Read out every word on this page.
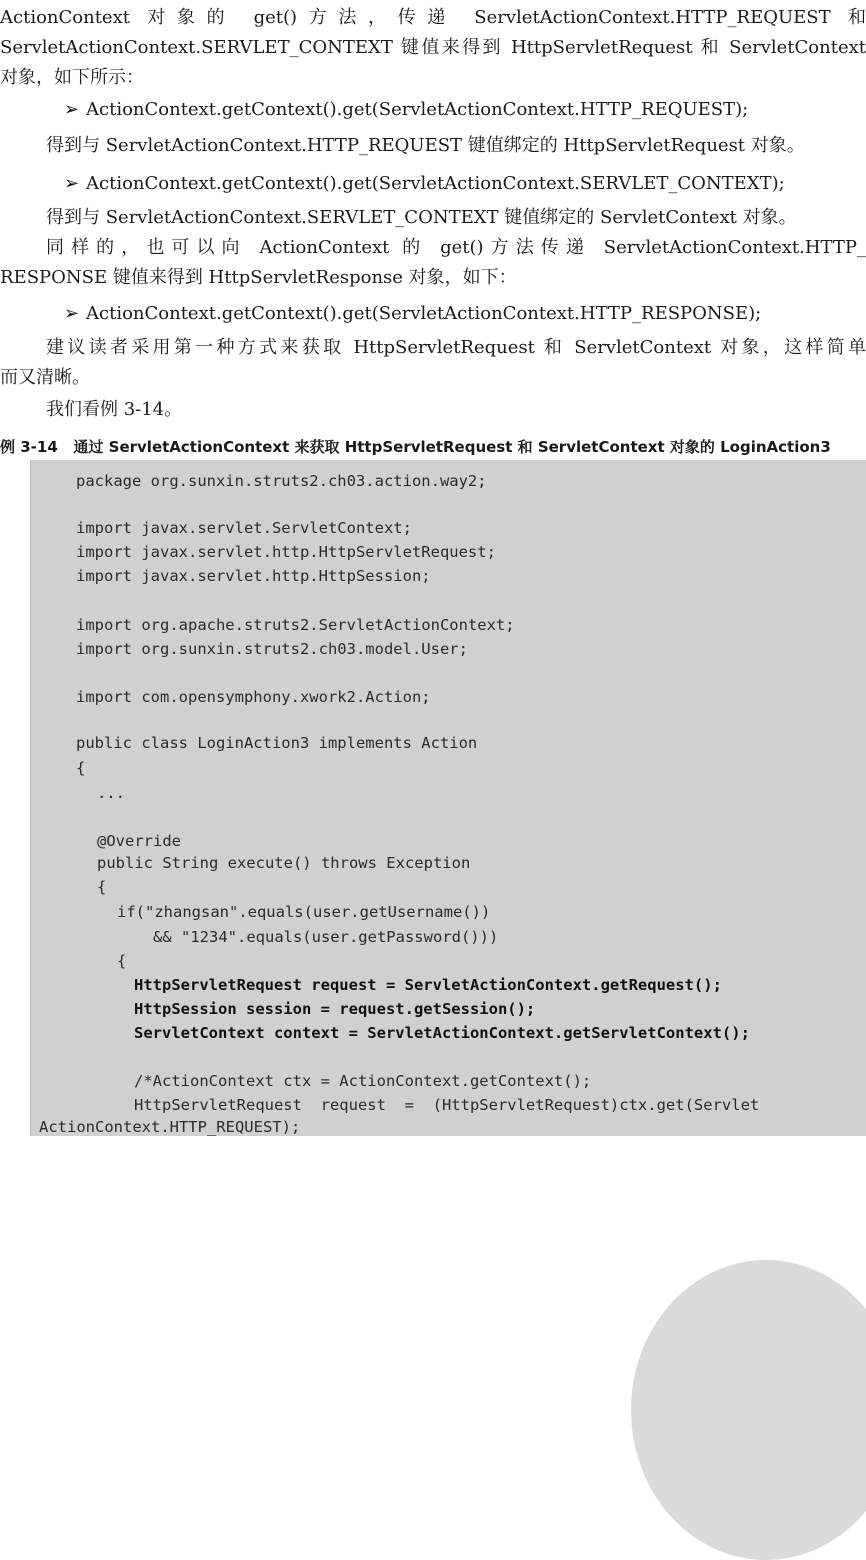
ActionContext 对象的 get()方法，传递 ServletActionContext.HTTP_REQUEST 和
ServletActionContext.SERVLET_CONTEXT 键值来得到 HttpServletRequest 和 ServletContext
对象，如下所示：
➢ ActionContext.getContext().get(ServletActionContext.HTTP_REQUEST);
得到与 ServletActionContext.HTTP_REQUEST 键值绑定的 HttpServletRequest 对象。
➢ ActionContext.getContext().get(ServletActionContext.SERVLET_CONTEXT);
得到与 ServletActionContext.SERVLET_CONTEXT 键值绑定的 ServletContext 对象。
同样的，也可以向 ActionContext 的 get()方法传递 ServletActionContext.HTTP_
RESPONSE 键值来得到 HttpServletResponse 对象，如下：
➢ ActionContext.getContext().get(ServletActionContext.HTTP_RESPONSE);
建议读者采用第一种方式来获取 HttpServletRequest 和 ServletContext 对象，这样简单
而又清晰。
我们看例 3-14。
例 3-14   通过 ServletActionContext 来获取 HttpServletRequest 和 ServletContext 对象的 LoginAction3
package org.sunxin.struts2.ch03.action.way2;
import javax.servlet.ServletContext;
import javax.servlet.http.HttpServletRequest;
import javax.servlet.http.HttpSession;
import org.apache.struts2.ServletActionContext;
import org.sunxin.struts2.ch03.model.User;
import com.opensymphony.xwork2.Action;
public class LoginAction3 implements Action
{
...
@Override
public String execute() throws Exception
{
if("zhangsan".equals(user.getUsername())
&& "1234".equals(user.getPassword()))
{
HttpServletRequest request = ServletActionContext.getRequest();
HttpSession session = request.getSession();
ServletContext context = ServletActionContext.getServletContext();
/*ActionContext ctx = ActionContext.getContext();
HttpServletRequest  request  =  (HttpServletRequest)ctx.get(Servlet
ActionContext.HTTP_REQUEST);
